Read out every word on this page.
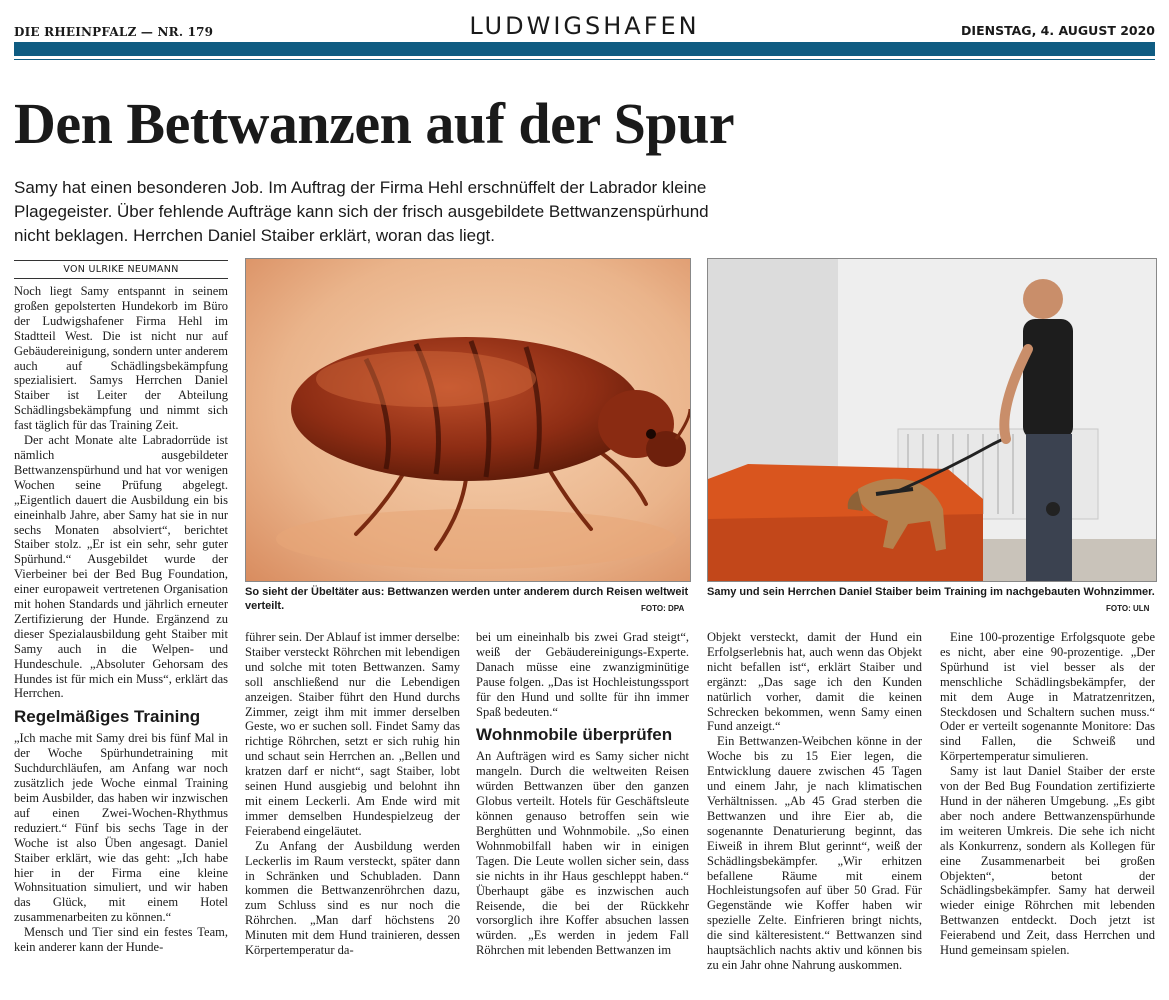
DIE RHEINPFALZ — NR. 179	LUDWIGSHAFEN	DIENSTAG, 4. AUGUST 2020
Den Bettwanzen auf der Spur
Samy hat einen besonderen Job. Im Auftrag der Firma Hehl erschnüffelt der Labrador kleine Plagegeister. Über fehlende Aufträge kann sich der frisch ausgebildete Bettwanzenspürhund nicht beklagen. Herrchen Daniel Staiber erklärt, woran das liegt.
VON ULRIKE NEUMANN

Noch liegt Samy entspannt in seinem großen gepolsterten Hundekorb im Büro der Ludwigshafener Firma Hehl im Stadtteil West. Die ist nicht nur auf Gebäudereinigung, sondern unter anderem auch auf Schädlingsbekämpfung spezialisiert. Samys Herrchen Daniel Staiber ist Leiter der Abteilung Schädlingsbekämpfung und nimmt sich fast täglich für das Training Zeit.

Der acht Monate alte Labradorrüde ist nämlich ausgebildeter Bettwanzenspürhund und hat vor wenigen Wochen seine Prüfung abgelegt. „Eigentlich dauert die Ausbildung ein bis eineinhalb Jahre, aber Samy hat sie in nur sechs Monaten absolviert“, berichtet Staiber stolz. „Er ist ein sehr, sehr guter Spürhund.“ Ausgebildet wurde der Vierbeiner bei der Bed Bug Foundation, einer europaweit vertretenen Organisation mit hohen Standards und jährlich erneuter Zertifizierung der Hunde. Ergänzend zu dieser Spezialausbildung geht Staiber mit Samy auch in die Welpen- und Hundeschule. „Absoluter Gehorsam des Hundes ist für mich ein Muss“, erklärt das Herrchen.

Regelmäßiges Training

„Ich mache mit Samy drei bis fünf Mal in der Woche Spürhundetraining mit Suchdurchläufen, am Anfang war noch zusätzlich jede Woche einmal Training beim Ausbilder, das haben wir inzwischen auf einen Zwei-Wochen-Rhythmus reduziert.“ Fünf bis sechs Tage in der Woche ist also Üben angesagt. Daniel Staiber erklärt, wie das geht: „Ich habe hier in der Firma eine kleine Wohnsituation simuliert, und wir haben das Glück, mit einem Hotel zusammenarbeiten zu können.“

Mensch und Tier sind ein festes Team, kein anderer kann der Hunde-

So sieht der Übeltäter aus: Bettwanzen werden unter anderem durch Reisen weltweit verteilt.	FOTO: DPA
Samy und sein Herrchen Daniel Staiber beim Training im nachgebauten Wohnzimmer.
FOTO: ULN

führer sein. Der Ablauf ist immer derselbe: Staiber versteckt Röhrchen mit lebendigen und solche mit toten Bettwanzen. Samy soll anschließend nur die Lebendigen anzeigen. Staiber führt den Hund durchs Zimmer, zeigt ihm mit immer derselben Geste, wo er suchen soll. Findet Samy das richtige Röhrchen, setzt er sich ruhig hin und schaut sein Herrchen an. „Bellen und kratzen darf er nicht“, sagt Staiber, lobt seinen Hund ausgiebig und belohnt ihn mit einem Leckerli. Am Ende wird mit immer demselben Hundespielzeug der Feierabend eingeläutet.

Zu Anfang der Ausbildung werden Leckerlis im Raum versteckt, später dann in Schränken und Schubladen. Dann kommen die Bettwanzenröhrchen dazu, zum Schluss sind es nur noch die Röhrchen. „Man darf höchstens 20 Minuten mit dem Hund trainieren, dessen Körpertemperatur da-

bei um eineinhalb bis zwei Grad steigt“, weiß der Gebäudereinigungs-Experte. Danach müsse eine zwanzigminütige Pause folgen. „Das ist Hochleistungssport für den Hund und sollte für ihn immer Spaß bedeuten.“

Wohnmobile überprüfen

An Aufträgen wird es Samy sicher nicht mangeln. Durch die weltweiten Reisen würden Bettwanzen über den ganzen Globus verteilt. Hotels für Geschäftsleute können genauso betroffen sein wie Berghütten und Wohnmobile. „So einen Wohnmobilfall haben wir in einigen Tagen. Die Leute wollen sicher sein, dass sie nichts in ihr Haus geschleppt haben.“ Überhaupt gäbe es inzwischen auch Reisende, die bei der Rückkehr vorsorglich ihre Koffer absuchen lassen würden. „Es werden in jedem Fall Röhrchen mit lebenden Bettwanzen im

Objekt versteckt, damit der Hund ein Erfolgserlebnis hat, auch wenn das Objekt nicht befallen ist“, erklärt Staiber und ergänzt: „Das sage ich den Kunden natürlich vorher, damit die keinen Schrecken bekommen, wenn Samy einen Fund anzeigt.“

Ein Bettwanzen-Weibchen könne in der Woche bis zu 15 Eier legen, die Entwicklung dauere zwischen 45 Tagen und einem Jahr, je nach klimatischen Verhältnissen. „Ab 45 Grad sterben die Bettwanzen und ihre Eier ab, die sogenannte Denaturierung beginnt, das Eiweiß in ihrem Blut gerinnt“, weiß der Schädlingsbekämpfer. „Wir erhitzen befallene Räume mit einem Hochleistungsofen auf über 50 Grad. Für Gegenstände wie Koffer haben wir spezielle Zelte. Einfrieren bringt nichts, die sind kälteresistent.“ Bettwanzen sind hauptsächlich nachts aktiv und können bis zu ein Jahr ohne Nahrung auskommen.

Eine 100-prozentige Erfolgsquote gebe es nicht, aber eine 90-prozentige. „Der Spürhund ist viel besser als der menschliche Schädlingsbekämpfer, der mit dem Auge in Matratzenritzen, Steckdosen und Schaltern suchen muss.“ Oder er verteilt sogenannte Monitore: Das sind Fallen, die Schweiß und Körpertemperatur simulieren.

Samy ist laut Daniel Staiber der erste von der Bed Bug Foundation zertifizierte Hund in der näheren Umgebung. „Es gibt aber noch andere Bettwanzenspürhunde im weiteren Umkreis. Die sehe ich nicht als Konkurrenz, sondern als Kollegen für eine Zusammenarbeit bei großen Objekten“, betont der Schädlingsbekämpfer. Samy hat derweil wieder einige Röhrchen mit lebenden Bettwanzen entdeckt. Doch jetzt ist Feierabend und Zeit, dass Herrchen und Hund gemeinsam spielen.
